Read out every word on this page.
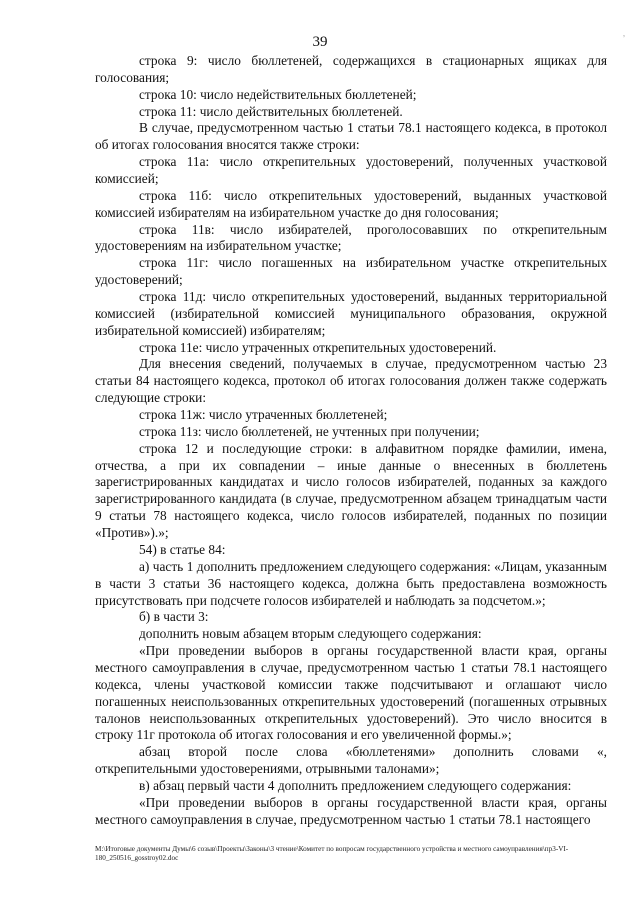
39	ʼ

строка 9: число бюллетеней, содержащихся в стационарных ящиках для голосования;

строка 10: число недействительных бюллетеней;

строка 11: число действительных бюллетеней.

В случае, предусмотренном частью 1 статьи 78.1 настоящего кодекса, в протокол об итогах голосования вносятся также строки:

строка 11а: число открепительных удостоверений, полученных участковой комиссией;

строка 11б: число открепительных удостоверений, выданных участковой комиссией избирателям на избирательном участке до дня голосования;

строка 11в: число избирателей, проголосовавших по открепительным удостоверениям на избирательном участке;

строка 11г: число погашенных на избирательном участке открепительных удостоверений;

строка 11д: число открепительных удостоверений, выданных территориальной комиссией (избирательной комиссией муниципального образования, окружной избирательной комиссией) избирателям;

строка 11е: число утраченных открепительных удостоверений.

Для внесения сведений, получаемых в случае, предусмотренном частью 23 статьи 84 настоящего кодекса, протокол об итогах голосования должен также содержать следующие строки:

строка 11ж: число утраченных бюллетеней;

строка 11з: число бюллетеней, не учтенных при получении;

строка 12 и последующие строки: в алфавитном порядке фамилии, имена, отчества, а при их совпадении – иные данные о внесенных в бюллетень зарегистрированных кандидатах и число голосов избирателей, поданных за каждого зарегистрированного кандидата (в случае, предусмотренном абзацем тринадцатым части 9 статьи 78 настоящего кодекса, число голосов избирателей, поданных по позиции «Против»).»;

54) в статье 84:

а) часть 1 дополнить предложением следующего содержания: «Лицам, указанным в части 3 статьи 36 настоящего кодекса, должна быть предоставлена возможность присутствовать при подсчете голосов избирателей и наблюдать за подсчетом.»;

б) в части 3:

дополнить новым абзацем вторым следующего содержания:

«При проведении выборов в органы государственной власти края, органы местного самоуправления в случае, предусмотренном частью 1 статьи 78.1 настоящего кодекса, члены участковой комиссии также подсчитывают и оглашают число погашенных неиспользованных открепительных удостоверений (погашенных отрывных талонов неиспользованных открепительных удостоверений). Это число вносится в строку 11г протокола об итогах голосования и его увеличенной формы.»;

абзац второй после слова «бюллетенями» дополнить словами «, открепительными удостоверениями, отрывными талонами»;

в) абзац первый части 4 дополнить предложением следующего содержания:

«При проведении выборов в органы государственной власти края, органы местного самоуправления в случае, предусмотренном частью 1 статьи 78.1 настоящего

M:\Итоговые документы Думы\6 созыв\Проекты\Законы\3 чтение\Комитет по вопросам государственного устройства и местного самоуправления\пр3-VI-180_250516_gosstroy02.doc
